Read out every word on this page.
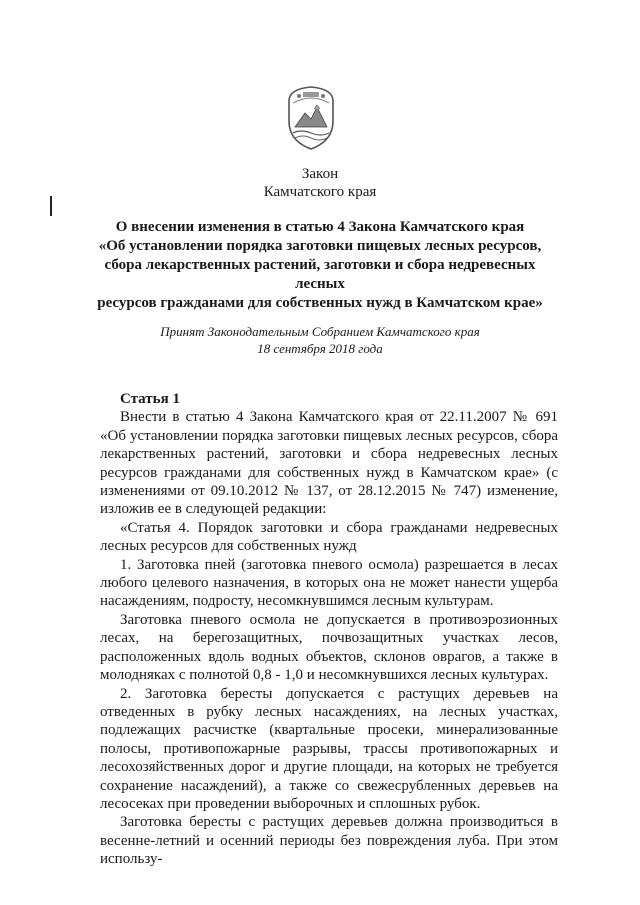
Закон
Камчатского края
О внесении изменения в статью 4 Закона Камчатского края
«Об установлении порядка заготовки пищевых лесных ресурсов,
сбора лекарственных растений, заготовки и сбора недревесных лесных
ресурсов гражданами для собственных нужд в Камчатском крае»
Принят Законодательным Собранием Камчатского края
18 сентября 2018 года

Статья 1

Внести в статью 4 Закона Камчатского края от 22.11.2007 № 691 «Об установлении порядка заготовки пищевых лесных ресурсов, сбора лекарственных растений, заготовки и сбора недревесных лесных ресурсов гражданами для собственных нужд в Камчатском крае» (с изменениями от 09.10.2012 № 137, от 28.12.2015 № 747) изменение, изложив ее в следующей редакции:

«Статья 4. Порядок заготовки и сбора гражданами недревесных лесных ресурсов для собственных нужд

1. Заготовка пней (заготовка пневого осмола) разрешается в лесах любого целевого назначения, в которых она не может нанести ущерба насаждениям, подросту, несомкнувшимся лесным культурам.

Заготовка пневого осмола не допускается в противоэрозионных лесах, на берегозащитных, почвозащитных участках лесов, расположенных вдоль водных объектов, склонов оврагов, а также в молодняках с полнотой 0,8 - 1,0 и несомкнувшихся лесных культурах.

2. Заготовка бересты допускается с растущих деревьев на отведенных в рубку лесных насаждениях, на лесных участках, подлежащих расчистке (квартальные просеки, минерализованные полосы, противопожарные разрывы, трассы противопожарных и лесохозяйственных дорог и другие площади, на которых не требуется сохранение насаждений), а также со свежесрубленных деревьев на лесосеках при проведении выборочных и сплошных рубок.

Заготовка бересты с растущих деревьев должна производиться в весенне-летний и осенний периоды без повреждения луба. При этом использу-
